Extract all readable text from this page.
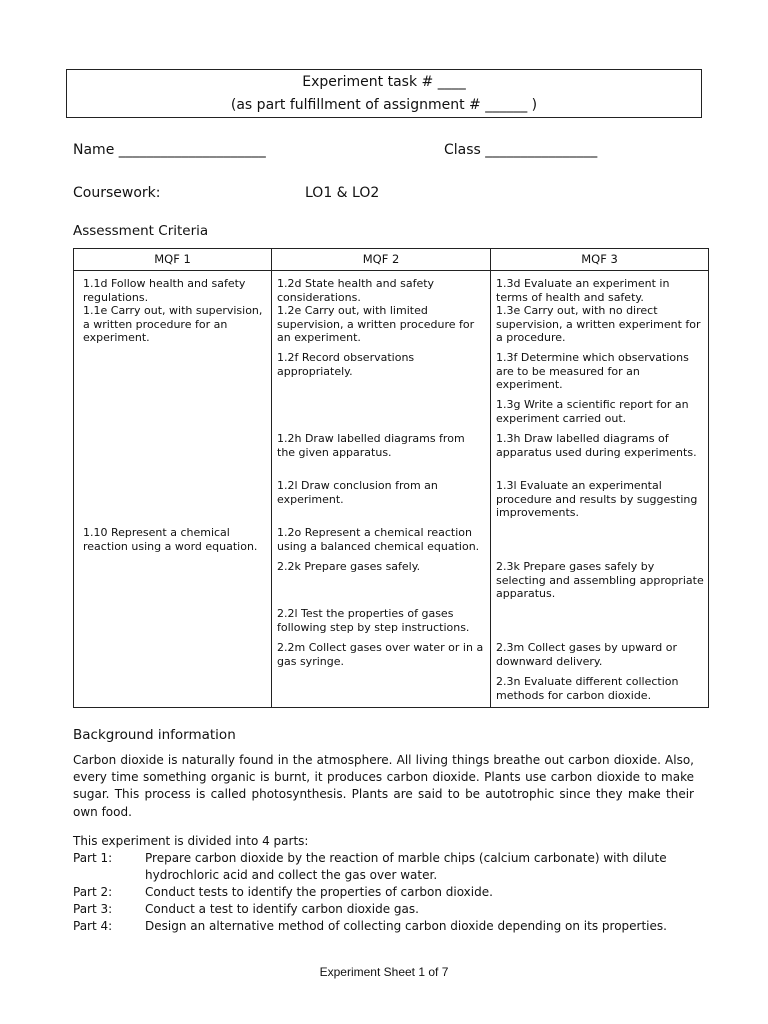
Experiment task # ____
(as part fulfillment of assignment # ______ )
Name _____________________	Class ________________
Coursework:	LO1 & LO2
Assessment Criteria
MQF 1	MQF 2	MQF 3

1.1d Follow health and safety regulations.	1.2d State health and safety considerations.	1.3d Evaluate an experiment in terms of health and safety.

1.1e Carry out, with supervision, a written procedure for an experiment.	1.2e Carry out, with limited supervision, a written procedure for an experiment.	1.3e Carry out, with no direct supervision, a written experiment for a procedure.

	1.2f Record observations appropriately.	1.3f Determine which observations are to be measured for an experiment.

		1.3g Write a scientific report for an experiment carried out.

	1.2h Draw labelled diagrams from the given apparatus.	1.3h Draw labelled diagrams of apparatus used during experiments.

	1.2l Draw conclusion from an experiment.	1.3l Evaluate an experimental procedure and results by suggesting improvements.

1.10 Represent a chemical reaction using a word equation.	1.2o Represent a chemical reaction using a balanced chemical equation.	

	2.2k Prepare gases safely.	2.3k Prepare gases safely by selecting and assembling appropriate apparatus.

	2.2l Test the properties of gases following step by step instructions.	

	2.2m Collect gases over water or in a gas syringe.	2.3m Collect gases by upward or downward delivery.

		2.3n Evaluate different collection methods for carbon dioxide.
Background information

Carbon dioxide is naturally found in the atmosphere. All living things breathe out carbon dioxide. Also, every time something organic is burnt, it produces carbon dioxide. Plants use carbon dioxide to make sugar. This process is called photosynthesis. Plants are said to be autotrophic since they make their own food.

This experiment is divided into 4 parts:

Part 1:	Prepare carbon dioxide by the reaction of marble chips (calcium carbonate) with dilute hydrochloric acid and collect the gas over water.
Part 2:	Conduct tests to identify the properties of carbon dioxide.
Part 3:	Conduct a test to identify carbon dioxide gas.
Part 4:	Design an alternative method of collecting carbon dioxide depending on its properties.
Experiment Sheet 1 of 7
